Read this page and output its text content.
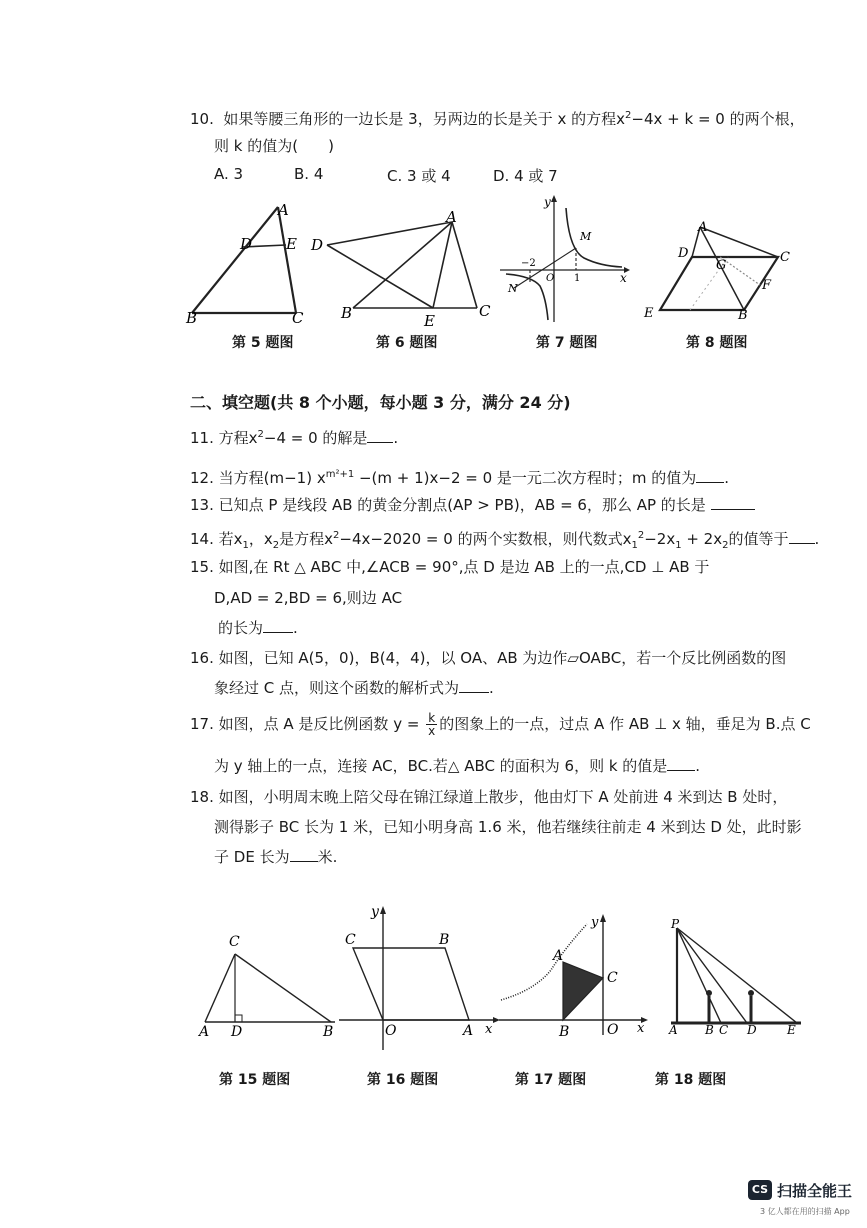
10. 如果等腰三角形的一边长是 3，另两边的长是关于 x 的方程$x^2-4x + k = 0$ 的两个根，
则 k 的值为(　　)
A. 3	B. 4	C. 3 或 4	D. 4 或 7
A
D E
B	C
第 5 题图
A
D
B	E
C
第 6 题图
y
M
−2
O 1	x
N
第 7 题图
A
D
G
C
F
E	B
第 8 题图
二、填空题(共 8 个小题，每小题 3 分，满分 24 分)
11. 方程$x^2-4 = 0$ 的解是 .
12. 当方程(m−1) $x^{m^2+1} -(m + 1)x-2 = 0$ 是一元二次方程时；m 的值为 .
13. 已知点 P 是线段 AB 的黄金分割点(AP > PB)，AB = 6，那么 AP 的长是
14. 若$x_1$，$x_2$是方程$x^2-4x-2020 = 0$ 的两个实数根，则代数式$x_1^2-2x_1 + 2x_2$的值等于 .
15. 如图,在 Rt △ ABC 中,∠ACB = 90°,点 D 是边 AB 上的一点,CD ⊥ AB 于
D,AD = 2,BD = 6,则边 AC
的长为 .
16. 如图，已知 A(5，0)，B(4，4)，以 OA、AB 为边作▱OABC，若一个反比例函数的图
象经过 C 点，则这个函数的解析式为 .
17. 如图，点 A 是反比例函数 $y = \frac{k}{x}$ 的图象上的一点，过点 A 作 AB ⊥ x 轴，垂足为 B.点 C
为 y 轴上的一点，连接 AC，BC.若△ ABC 的面积为 6，则 k 的值是 .
18. 如图，小明周末晚上陪父母在锦江绿道上散步，他由灯下 A 处前进 4 米到达 B 处时，
测得影子 BC 长为 1 米，已知小明身高 1.6 米，他若继续往前走 4 米到达 D 处，此时影
子 DE 长为 米.
C
A D	B
第 15 题图
y
C	B
O	A x
第 16 题图
y
A
C
B	O x
第 17 题图
P
A B C D	E
第 18 题图
CS 扫描全能王
3 亿人都在用的扫描 App
